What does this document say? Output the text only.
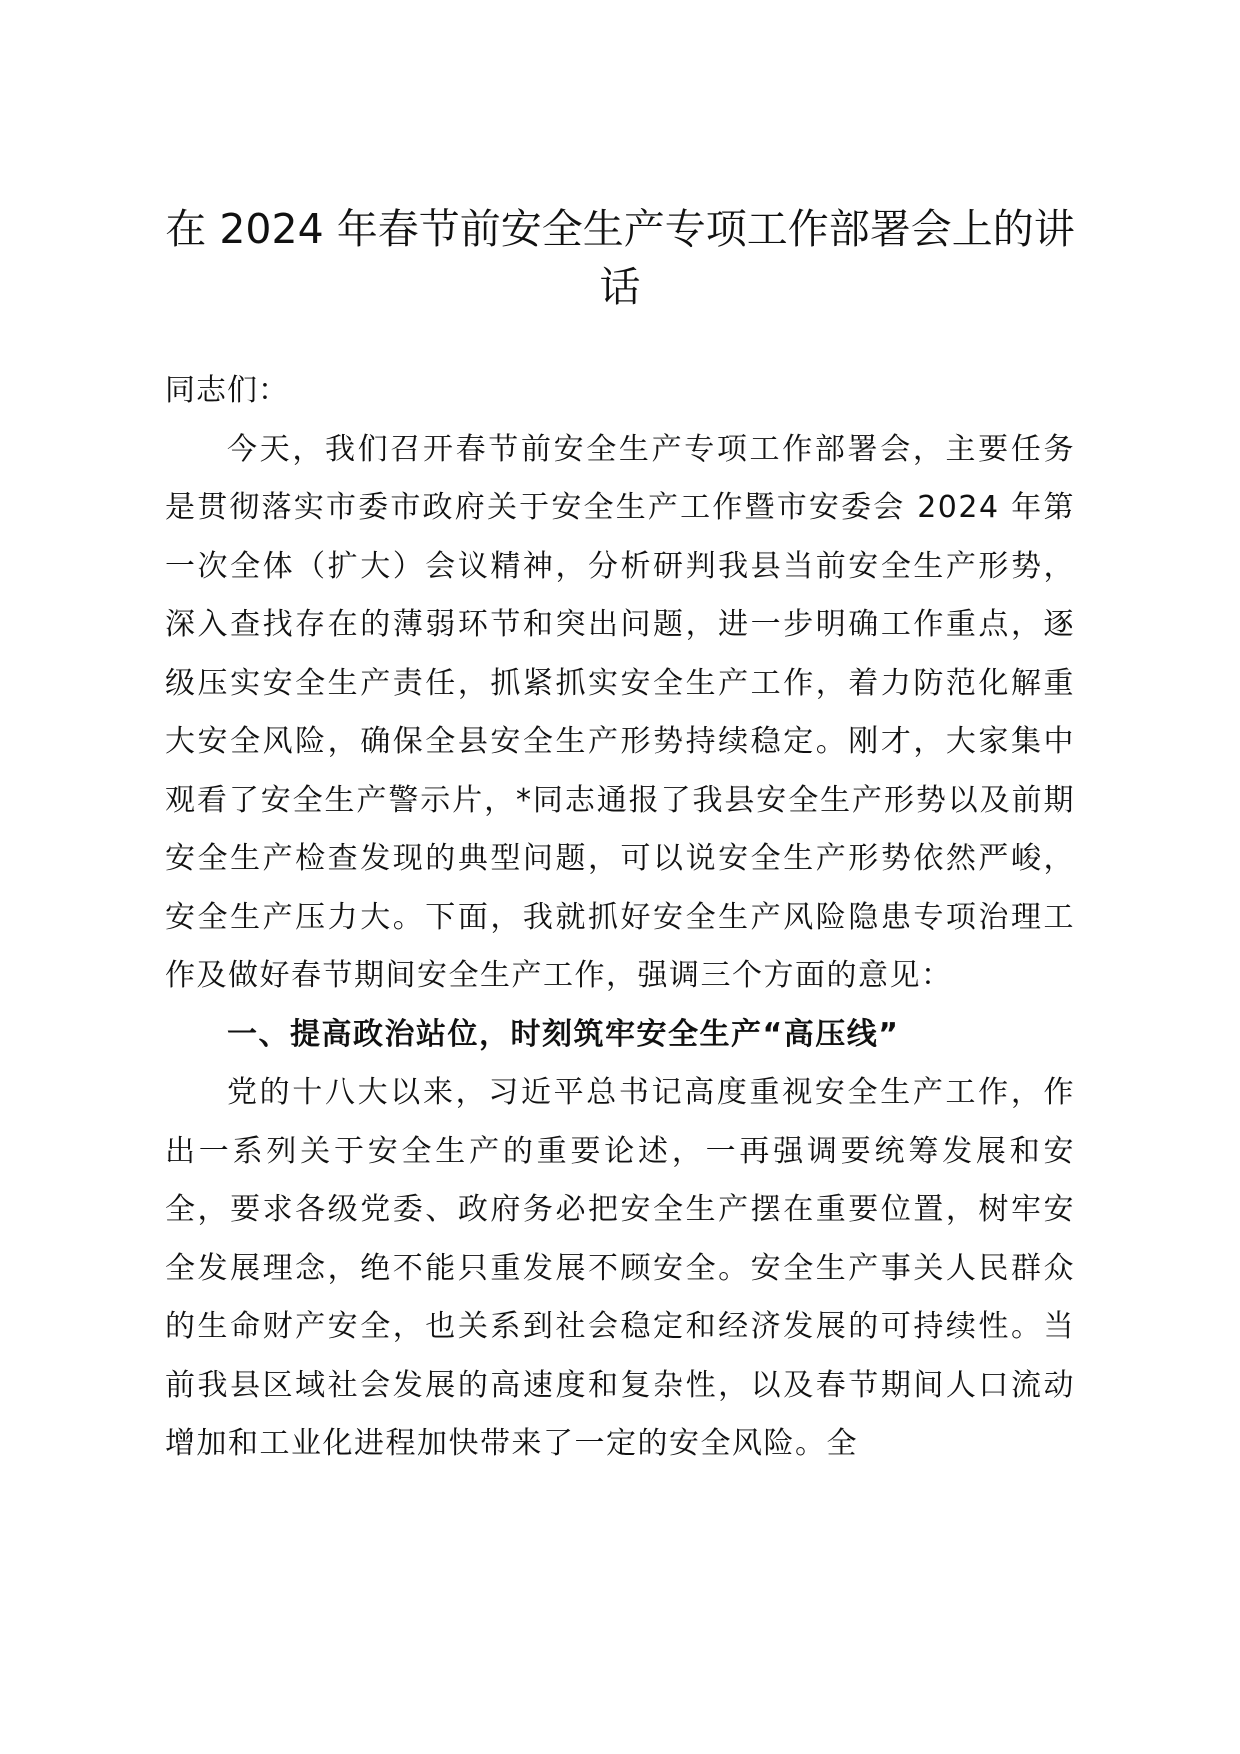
在 2024 年春节前安全生产专项工作部署会上的讲话

同志们：

今天，我们召开春节前安全生产专项工作部署会，主要任务是贯彻落实市委市政府关于安全生产工作暨市安委会 2024 年第一次全体（扩大）会议精神，分析研判我县当前安全生产形势，深入查找存在的薄弱环节和突出问题，进一步明确工作重点，逐级压实安全生产责任，抓紧抓实安全生产工作，着力防范化解重大安全风险，确保全县安全生产形势持续稳定。刚才，大家集中观看了安全生产警示片，*同志通报了我县安全生产形势以及前期安全生产检查发现的典型问题，可以说安全生产形势依然严峻，安全生产压力大。下面，我就抓好安全生产风险隐患专项治理工作及做好春节期间安全生产工作，强调三个方面的意见：

一、提高政治站位，时刻筑牢安全生产“高压线”

党的十八大以来，习近平总书记高度重视安全生产工作，作出一系列关于安全生产的重要论述，一再强调要统筹发展和安全，要求各级党委、政府务必把安全生产摆在重要位置，树牢安全发展理念，绝不能只重发展不顾安全。安全生产事关人民群众的生命财产安全，也关系到社会稳定和经济发展的可持续性。当前我县区域社会发展的高速度和复杂性，以及春节期间人口流动增加和工业化进程加快带来了一定的安全风险。全
